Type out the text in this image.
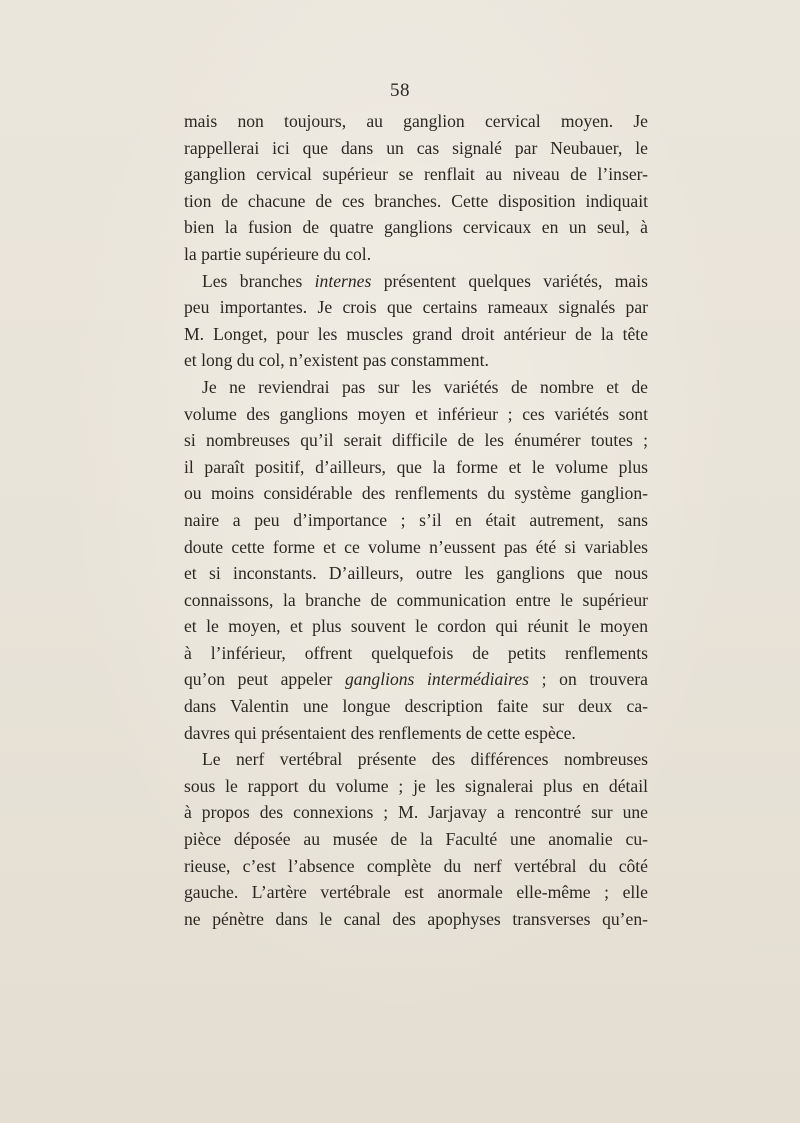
58
mais non toujours, au ganglion cervical moyen. Je
rappellerai ici que dans un cas signalé par Neubauer, le
ganglion cervical supérieur se renflait au niveau de l’inser-
tion de chacune de ces branches. Cette disposition indiquait
bien la fusion de quatre ganglions cervicaux en un seul, à
la partie supérieure du col.
Les branches internes présentent quelques variétés, mais
peu importantes. Je crois que certains rameaux signalés par
M. Longet, pour les muscles grand droit antérieur de la tête
et long du col, n’existent pas constamment.
Je ne reviendrai pas sur les variétés de nombre et de
volume des ganglions moyen et inférieur ; ces variétés sont
si nombreuses qu’il serait difficile de les énumérer toutes ;
il paraît positif, d’ailleurs, que la forme et le volume plus
ou moins considérable des renflements du système ganglion-
naire a peu d’importance ; s’il en était autrement, sans
doute cette forme et ce volume n’eussent pas été si variables
et si inconstants. D’ailleurs, outre les ganglions que nous
connaissons, la branche de communication entre le supérieur
et le moyen, et plus souvent le cordon qui réunit le moyen
à l’inférieur, offrent quelquefois de petits renflements
qu’on peut appeler ganglions intermédiaires ; on trouvera
dans Valentin une longue description faite sur deux ca-
davres qui présentaient des renflements de cette espèce.
Le nerf vertébral présente des différences nombreuses
sous le rapport du volume ; je les signalerai plus en détail
à propos des connexions ; M. Jarjavay a rencontré sur une
pièce déposée au musée de la Faculté une anomalie cu-
rieuse, c’est l’absence complète du nerf vertébral du côté
gauche. L’artère vertébrale est anormale elle-même ; elle
ne pénètre dans le canal des apophyses transverses qu’en-
